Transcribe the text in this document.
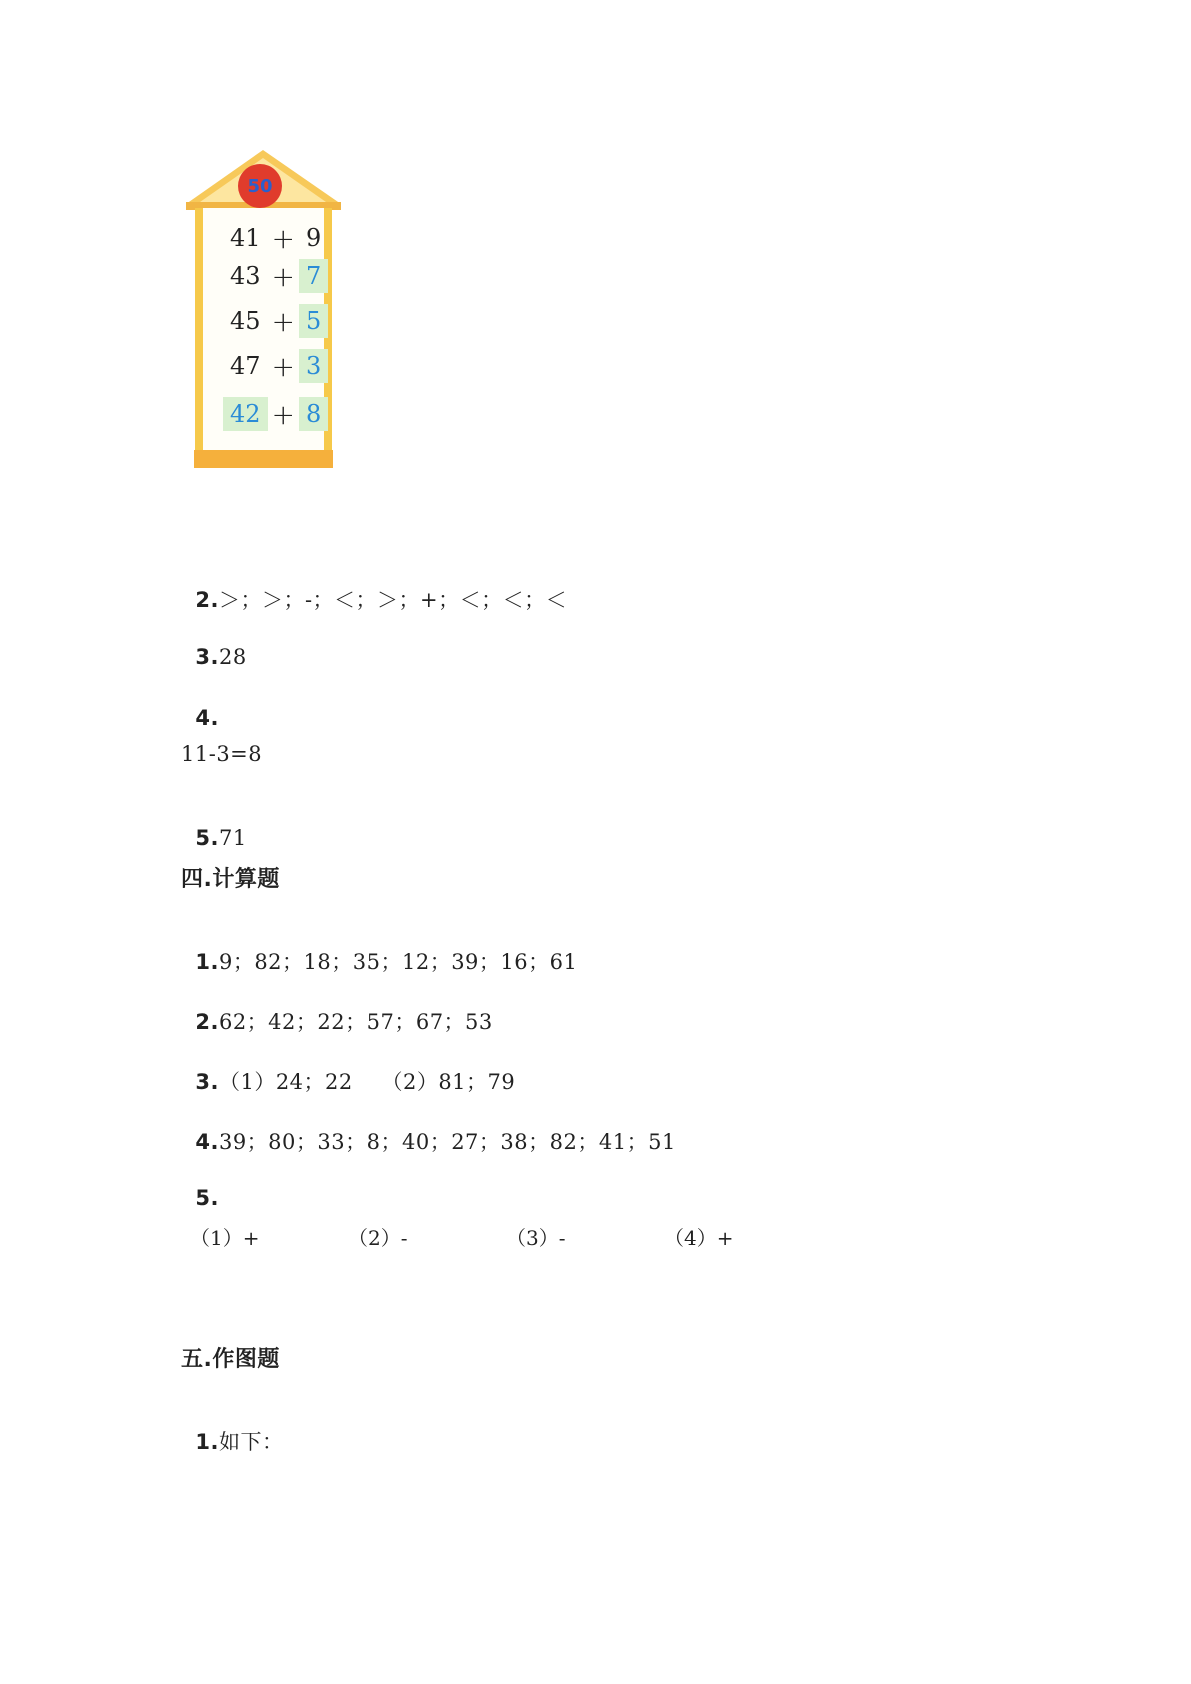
50
41 + 9
43 + 7
45 + 5
47 + 3
42 + 8

2.＞；＞；-；＜；＞；+；＜；＜；＜

3.28

4.

11-3=8

5.71

四.计算题

1.9；82；18；35；12；39；16；61

2.62；42；22；57；67；53

3.（1）24；22    （2）81；79

4.39；80；33；8；40；27；38；82；41；51

5.

（1）+	（2）-	（3）-	（4）+
五.作图题

1.如下：
